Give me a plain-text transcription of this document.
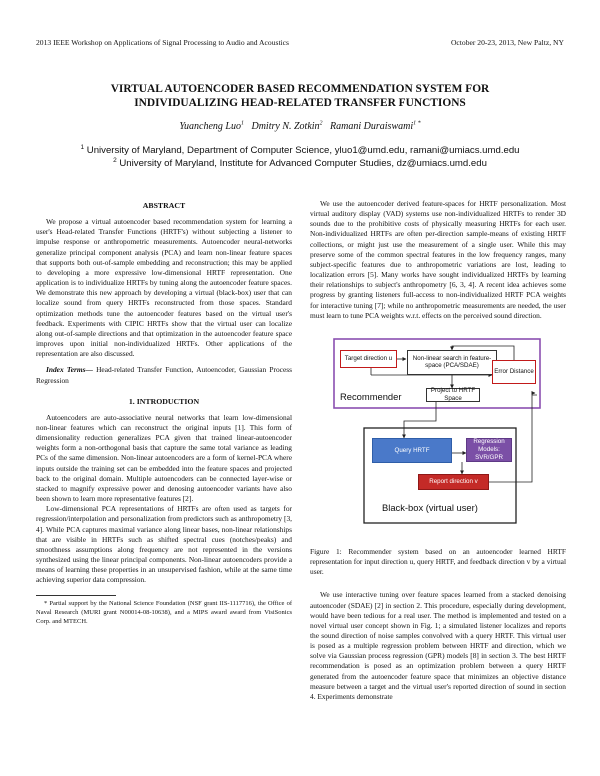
2013 IEEE Workshop on Applications of Signal Processing to Audio and Acoustics	October 20-23, 2013, New Paltz, NY
VIRTUAL AUTOENCODER BASED RECOMMENDATION SYSTEM FOR
INDIVIDUALIZING HEAD-RELATED TRANSFER FUNCTIONS
Yuancheng Luo$^1$ Dmitry N. Zotkin$^2$ Ramani Duraiswami$^{1 *}$
$^1$ University of Maryland, Department of Computer Science, yluo1@umd.edu, ramani@umiacs.umd.edu
$^2$ University of Maryland, Institute for Advanced Computer Studies, dz@umiacs.umd.edu
ABSTRACT
We propose a virtual autoencoder based recommendation system for learning a user's Head-related Transfer Functions (HRTF's) without subjecting a listener to impulse response or anthropometric measurements. Autoencoder neural-networks generalize principal component analysis (PCA) and learn non-linear feature spaces that supports both out-of-sample embedding and reconstruction; this may be applied to developing a more expressive low-dimensional HRTF representation. One application is to individualize HRTFs by tuning along the autoencoder feature spaces. We demonstrate this new approach by developing a virtual (black-box) user that can localize sound from query HRTFs reconstructed from those spaces. Standard optimization methods tune the autoencoder features based on the virtual user's feedback. Experiments with CIPIC HRTFs show that the virtual user can localize along out-of-sample directions and that optimization in the autoencoder feature space improves upon initial non-individualized HRTFs. Other applications of the representation are also discussed.
Index Terms— Head-related Transfer Function, Autoencoder, Gaussian Process Regression
1. INTRODUCTION
Autoencoders are auto-associative neural networks that learn low-dimensional non-linear features which can reconstruct the original inputs [1]. This form of dimensionality reduction generalizes PCA given that trained linear-autoencoder weights form a non-orthogonal basis that capture the same total variance as leading PCs of the same dimension. Non-linear autoencoders are a form of kernel-PCA where inputs outside the training set can be embedded into the feature spaces and projected back to the original domain. Multiple autoencoders can be connected layer-wise or stacked to magnify expressive power and denosing autoencoder variants have also been shown to learn more representative features [2].
Low-dimensional PCA representations of HRTFs are often used as targets for regression/interpolation and personalization from predictors such as anthropometry [3, 4]. While PCA captures maximal variance along linear bases, non-linear relationships that are visible in HRTFs such as shifted spectral cues (notches/peaks) and smoothness assumptions along frequency are not represented in the versions synthesized using the linear principal components. Non-linear autoencoders provide a means of learning these properties in an unsupervised fashion, while at the same time achieving superior data compression.
* Partial support by the National Science Foundation (NSF grant IIS-1117716), the Office of Naval Research (MURI grant N00014-08-10638), and a MIPS award award from VisiSonics Corp. and MTECH.
We use the autoencoder derived feature-spaces for HRTF personalization. Most virtual auditory display (VAD) systems use non-individualized HRTFs to render 3D sounds due to the prohibitive costs of physically measuring HRTFs for each user. Non-individualized HRTFs are often per-direction sample-means of existing HRTF collections, or might just use the measurement of a single user. While this may preserve some of the common spectral features in the low frequency ranges, many subject-specific features due to anthropometric variations are lost, leading to localization errors [5]. Many works have sought individualized HRTFs by learning their relationships to subject's anthropometry [6, 3, 4]. A recent idea achieves some progress by granting listeners full-access to non-individualized HRTF PCA weights for interactive tuning [7]; while no anthropometric measurements are needed, the user must learn to tune PCA weights w.r.t. effects on the perceived sound direction.
Target direction u	Non-linear search in feature-space (PCA/SDAE)
Error Distance
Project to HRTF Space
Recommender
Query HRTF
Regression Models: SVR/GPR
Report direction v
Black-box (virtual user)
Figure 1: Recommender system based on an autoencoder learned HRTF representation for input direction u, query HRTF, and feedback direction v by a virtual user.
We use interactive tuning over feature spaces learned from a stacked denoising autoencoder (SDAE) [2] in section 2. This procedure, especially during development, would have been tedious for a real user. The method is implemented and tested on a novel virtual user concept shown in Fig. 1; a simulated listener localizes and reports the sound direction of noise samples convolved with a query HRTF. This virtual user is posed as a multiple regression problem between HRTF and direction, which we solve via Gaussian process regression (GPR) models [8] in section 3. The best HRTF recommendation is posed as an optimization problem between a query HRTF generated from the autoencoder feature space that minimizes an objective distance measure between a target and the virtual user's reported direction of sound in section 4. Experiments demonstrate
